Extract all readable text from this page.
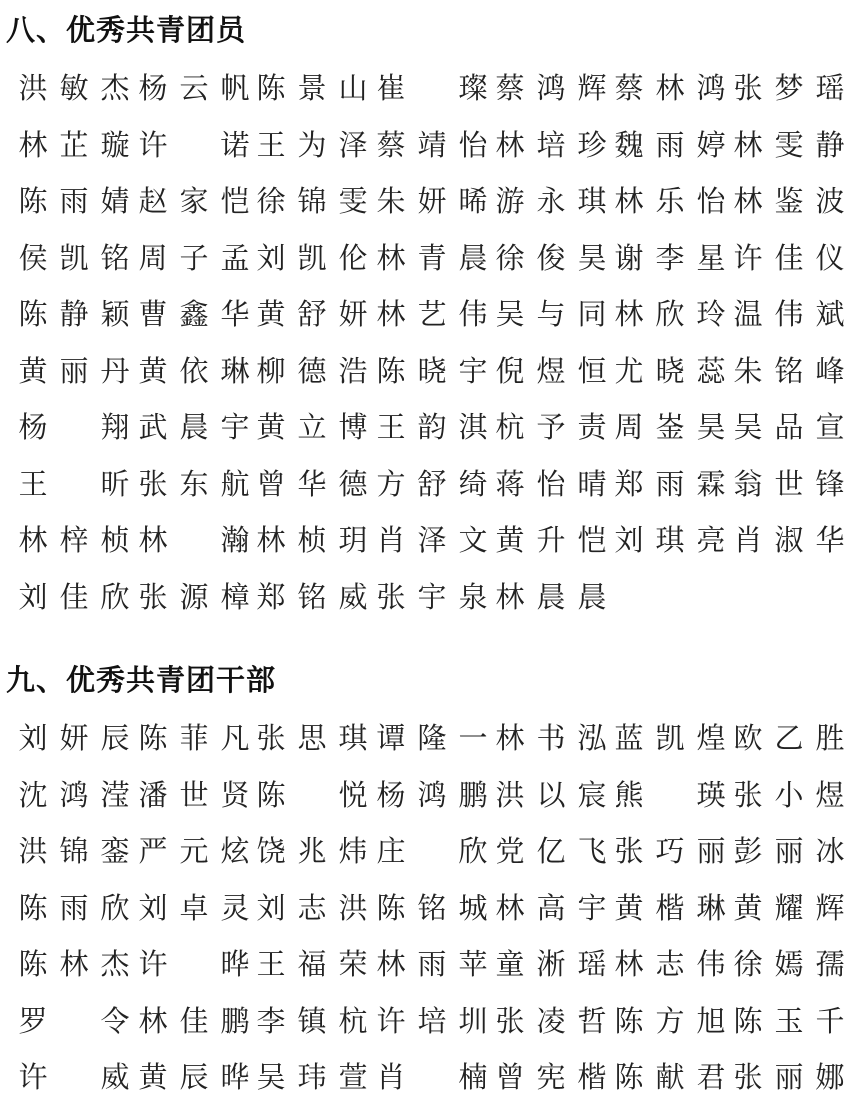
八、优秀共青团员
洪 敏 杰 杨 云 帆 陈 景 山 崔
　 璨 蔡 鸿 辉 蔡 林 鸿 张 梦 瑶
林 芷 璇 许
　 诺 王 为 泽 蔡 靖 怡 林 培 珍 魏 雨 婷 林 雯 静
陈 雨 婧 赵 家 恺 徐 锦 雯 朱 妍 晞 游 永 琪 林 乐 怡 林 鉴 波
侯 凯 铭 周 子 孟 刘 凯 伦 林 青 晨 徐 俊 昊 谢 李 星 许 佳 仪
陈 静 颖 曹 鑫 华 黄 舒 妍 林 艺 伟 吴 与 同 林 欣 玲 温 伟 斌
黄 丽 丹 黄 依 琳 柳 德 浩 陈 晓 宇 倪 煜 恒 尤 晓 蕊 朱 铭 峰
杨
　 翔 武 晨 宇 黄 立 博 王 韵 淇 杭 予 责 周 崟 昊 吴 品 宣
王
　 昕 张 东 航 曾 华 德 方 舒 绮 蒋 怡 晴 郑 雨 霖 翁 世 锋
林 梓 桢 林
　 瀚 林 桢 玥 肖 泽 文 黄 升 恺 刘 琪 亮 肖 淑 华
刘 佳 欣 张 源 樟 郑 铭 威 张 宇 泉 林 晨 晨
九、优秀共青团干部
刘 妍 辰 陈 菲 凡 张 思 琪 谭 隆 一 林 书 泓 蓝 凯 煌 欧 乙 胜
沈 鸿 滢 潘 世 贤 陈
　 悦 杨 鸿 鹏 洪 以 宸 熊
　 瑛 张 小 煜
洪 锦 銮 严 元 炫 饶 兆 炜 庄
　 欣 党 亿 飞 张 巧 丽 彭 丽 冰
陈 雨 欣 刘 卓 灵 刘 志 洪 陈 铭 城 林 高 宇 黄 楷 琳 黄 耀 辉
陈 林 杰 许
　 晔 王 福 荣 林 雨 苹 童 淅 瑶 林 志 伟 徐 嫣 孺
罗
　 令 林 佳 鹏 李 镇 杭 许 培 圳 张 凌 哲 陈 方 旭 陈 玉 千
许
　 威 黄 辰 晔 吴 玮 萱 肖
　 楠 曾 宪 楷 陈 献 君 张 丽 娜
